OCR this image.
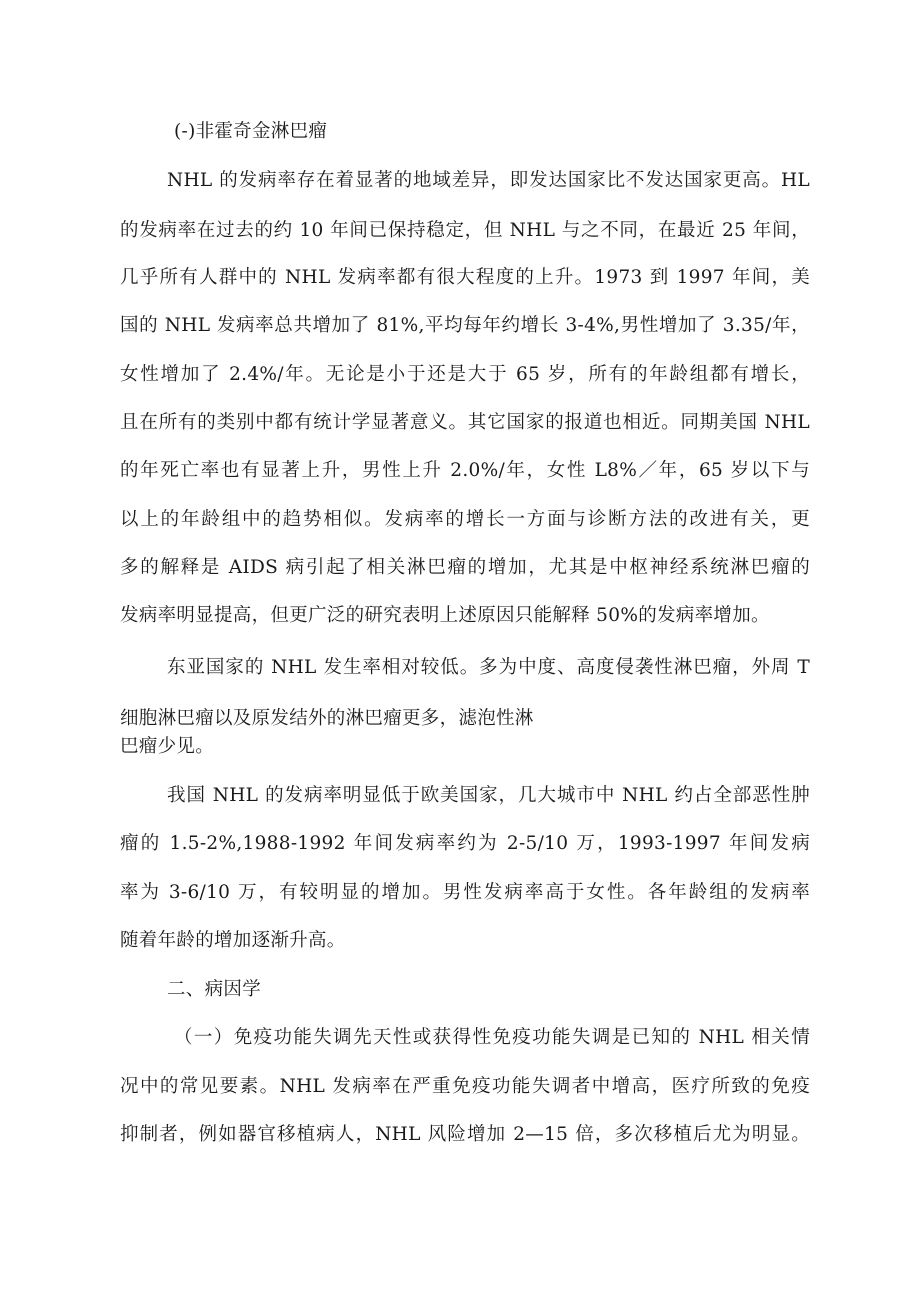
(-)非霍奇金淋巴瘤
NHL 的发病率存在着显著的地域差异，即发达国家比不发达国家更高。HL
的发病率在过去的约 10 年间已保持稳定，但 NHL 与之不同，在最近 25 年间，
几乎所有人群中的 NHL 发病率都有很大程度的上升。1973 到 1997 年间，美
国的 NHL 发病率总共增加了 81%,平均每年约增长 3-4%,男性增加了 3.35/年，
女性增加了 2.4%/年。无论是小于还是大于 65 岁，所有的年龄组都有增长，
且在所有的类别中都有统计学显著意义。其它国家的报道也相近。同期美国 NHL
的年死亡率也有显著上升，男性上升 2.0%/年，女性 L8%／年，65 岁以下与
以上的年龄组中的趋势相似。发病率的增长一方面与诊断方法的改进有关，更
多的解释是 AIDS 病引起了相关淋巴瘤的增加，尤其是中枢神经系统淋巴瘤的
发病率明显提高，但更广泛的研究表明上述原因只能解释 50%的发病率增加。
东亚国家的 NHL 发生率相对较低。多为中度、高度侵袭性淋巴瘤，外周 T
细胞淋巴瘤以及原发结外的淋巴瘤更多，滤泡性淋
巴瘤少见。
我国 NHL 的发病率明显低于欧美国家，几大城市中 NHL 约占全部恶性肿
瘤的 1.5-2%,1988-1992 年间发病率约为 2-5/10 万，1993-1997 年间发病
率为 3-6/10 万，有较明显的增加。男性发病率高于女性。各年龄组的发病率
随着年龄的增加逐渐升高。
二、病因学
（一）免疫功能失调先天性或获得性免疫功能失调是已知的 NHL 相关情
况中的常见要素。NHL 发病率在严重免疫功能失调者中增高，医疗所致的免疫
抑制者，例如器官移植病人，NHL 风险增加 2—15 倍，多次移植后尤为明显。
